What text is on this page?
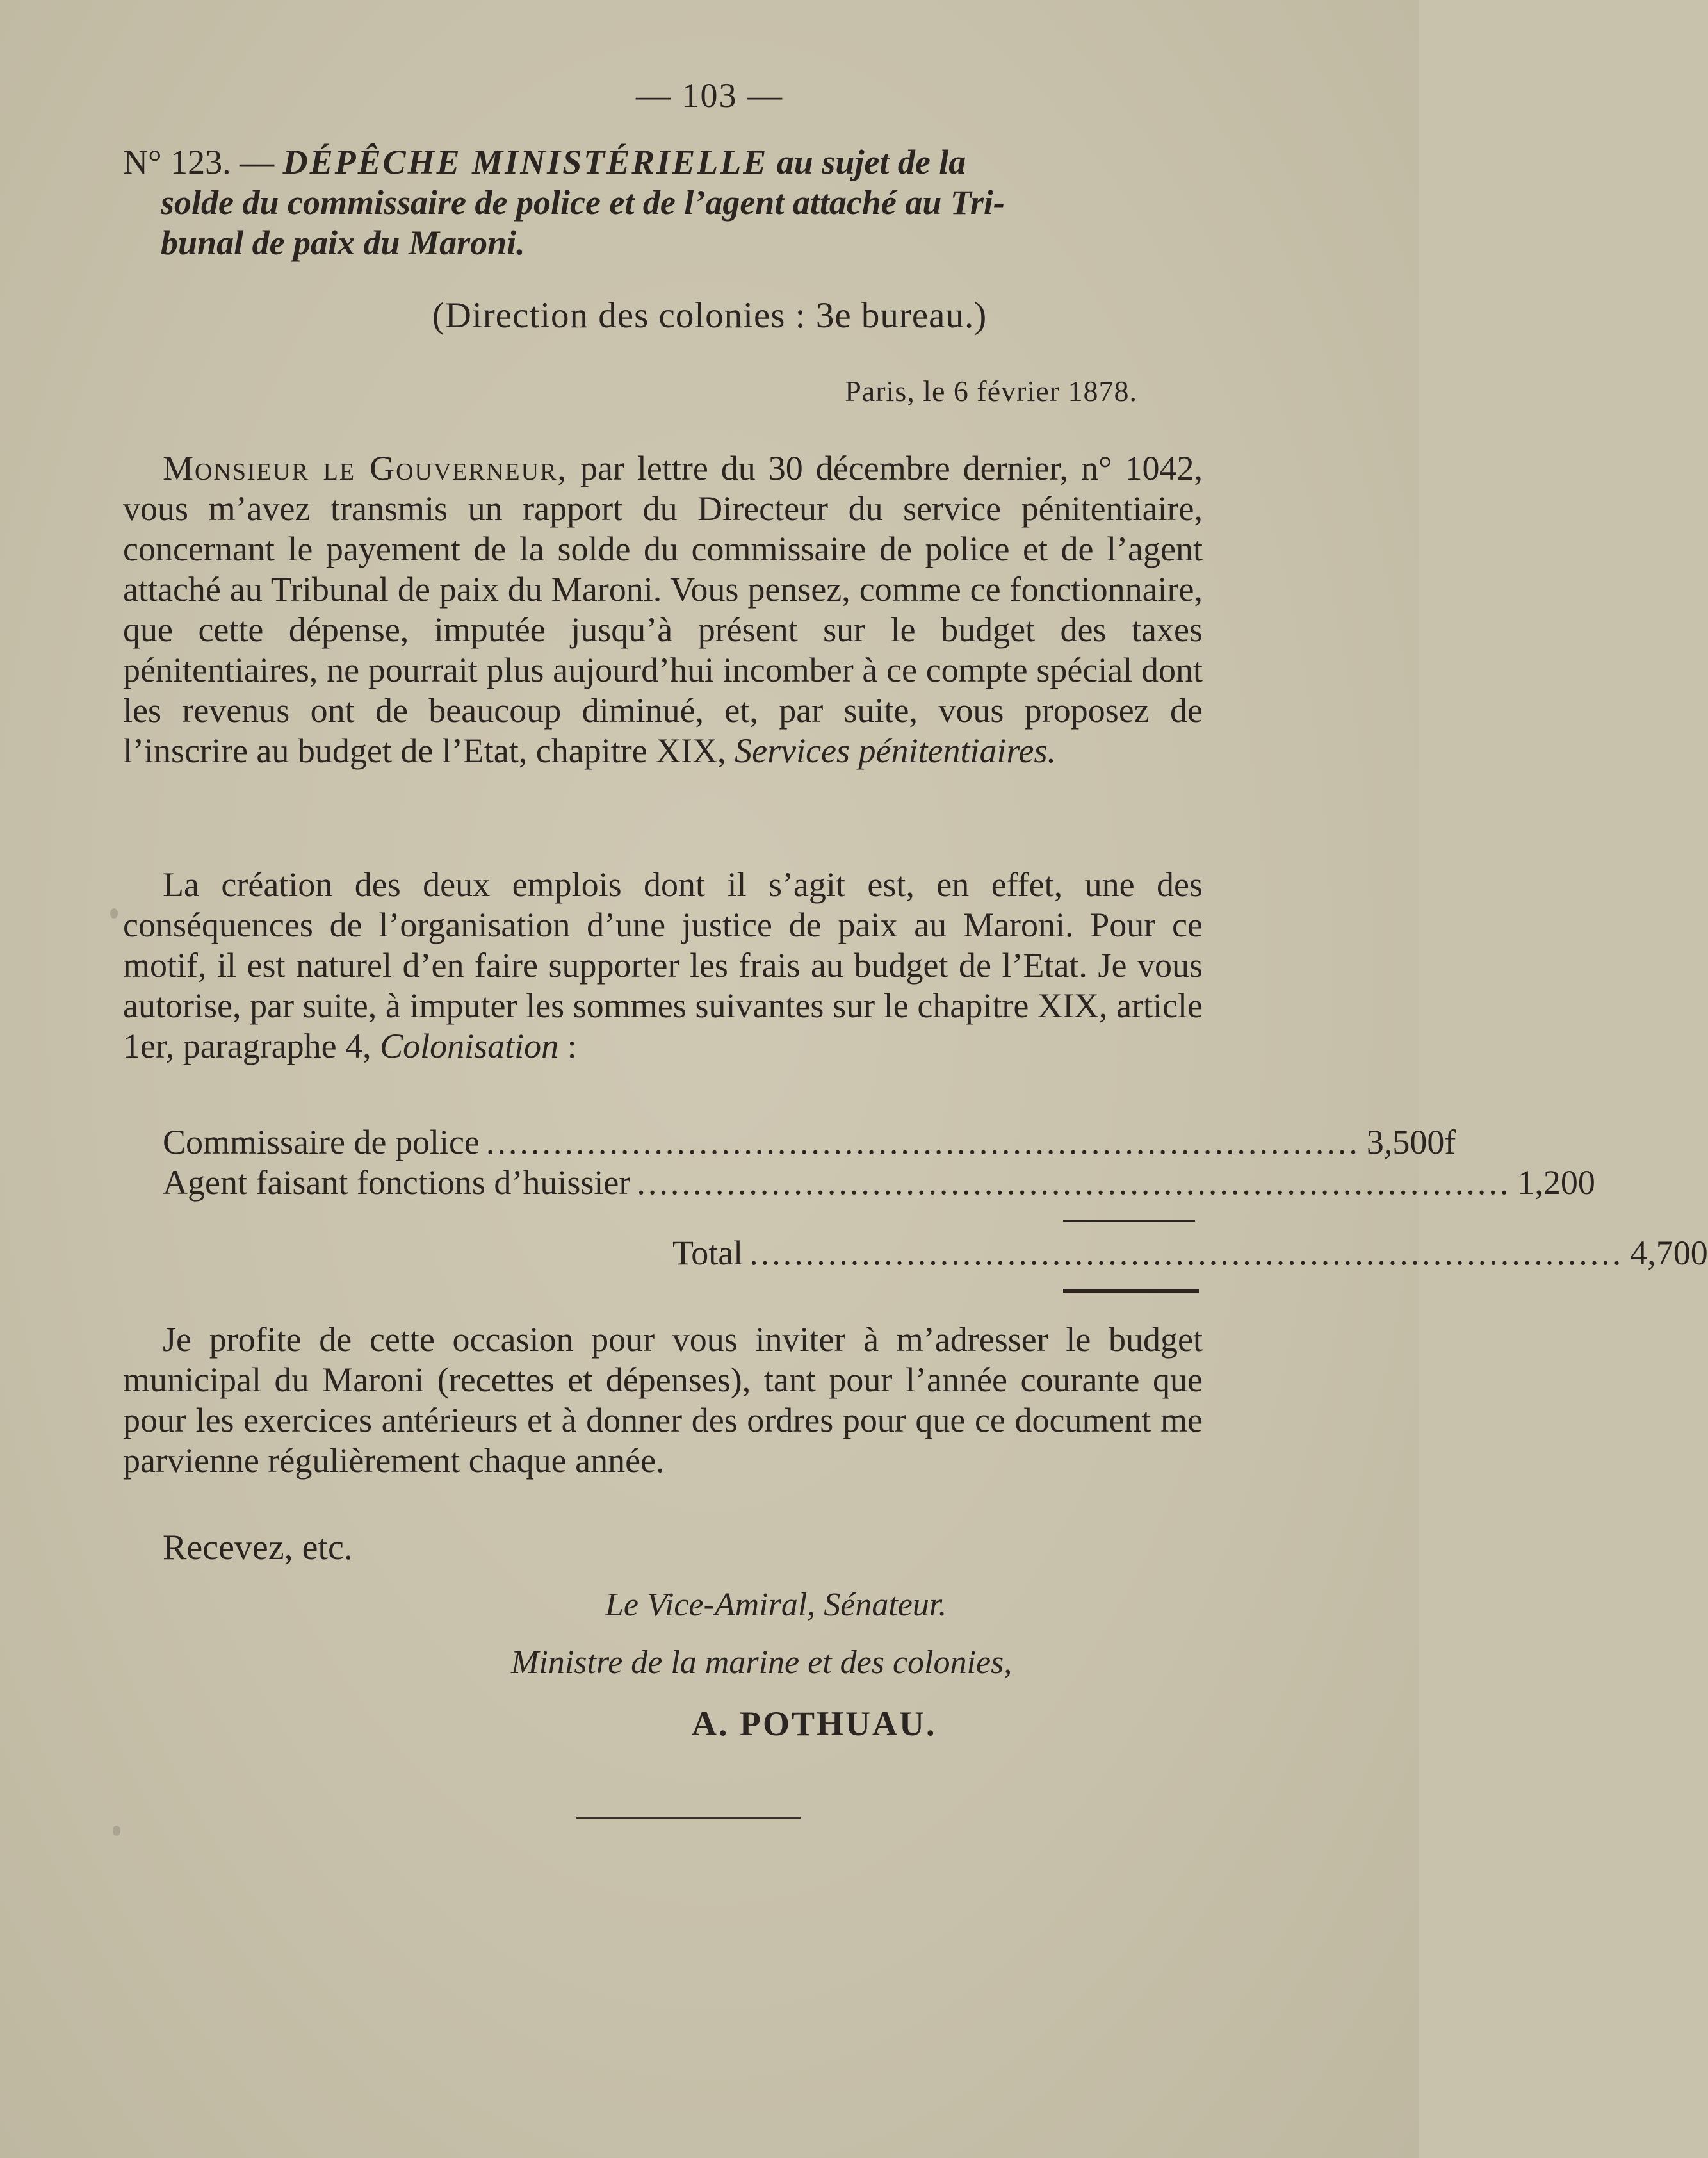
— 103 —
N° 123. — DÉPÊCHE MINISTÉRIELLE au sujet de la
solde du commissaire de police et de l’agent attaché au Tri-
bunal de paix du Maroni.
(Direction des colonies : 3e bureau.)
Paris, le 6 février 1878.
Monsieur le Gouverneur, par lettre du 30 décembre dernier, n° 1042, vous m’avez transmis un rapport du Directeur du service pénitentiaire, concernant le payement de la solde du commissaire de police et de l’agent attaché au Tribunal de paix du Maroni. Vous pensez, comme ce fonctionnaire, que cette dépense, imputée jusqu’à présent sur le budget des taxes pénitentiaires, ne pourrait plus aujourd’hui incomber à ce compte spécial dont les revenus ont de beaucoup diminué, et, par suite, vous proposez de l’inscrire au budget de l’Etat, chapitre XIX, Services pénitentiaires.
La création des deux emplois dont il s’agit est, en effet, une des conséquences de l’organisation d’une justice de paix au Maroni. Pour ce motif, il est naturel d’en faire supporter les frais au budget de l’Etat. Je vous autorise, par suite, à imputer les sommes suivantes sur le chapitre XIX, article 1er, paragraphe 4, Colonisation :
Commissaire de police .............................................................................. 3,500f
Agent faisant fonctions d’huissier .............................................................................. 1,200
Total .............................................................................. 4,700
Je profite de cette occasion pour vous inviter à m’adresser le budget municipal du Maroni (recettes et dépenses), tant pour l’année courante que pour les exercices antérieurs et à donner des ordres pour que ce document me parvienne régulièrement chaque année.
Recevez, etc.
Le Vice-Amiral, Sénateur.
Ministre de la marine et des colonies,
A. POTHUAU.
